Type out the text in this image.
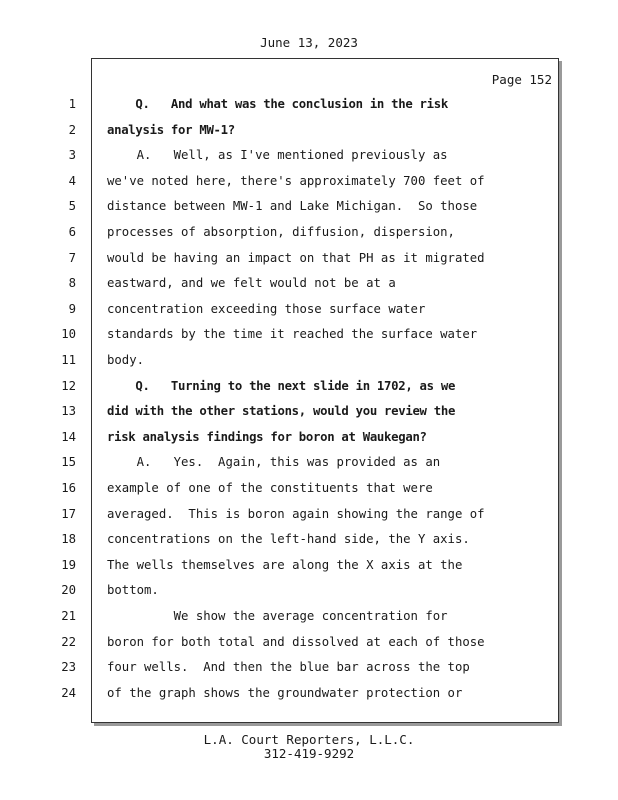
June 13, 2023
Page 152
1	Q.   And what was the conclusion in the risk
2	analysis for MW-1?
3	A.   Well, as I've mentioned previously as
4	we've noted here, there's approximately 700 feet of
5	distance between MW-1 and Lake Michigan.  So those
6	processes of absorption, diffusion, dispersion,
7	would be having an impact on that PH as it migrated
8	eastward, and we felt would not be at a
9	concentration exceeding those surface water
10	standards by the time it reached the surface water
11	body.
12	Q.   Turning to the next slide in 1702, as we
13	did with the other stations, would you review the
14	risk analysis findings for boron at Waukegan?
15	A.   Yes.  Again, this was provided as an
16	example of one of the constituents that were
17	averaged.  This is boron again showing the range of
18	concentrations on the left-hand side, the Y axis.
19	The wells themselves are along the X axis at the
20	bottom.
21	We show the average concentration for
22	boron for both total and dissolved at each of those
23	four wells.  And then the blue bar across the top
24	of the graph shows the groundwater protection or
L.A. Court Reporters, L.L.C.
312-419-9292
